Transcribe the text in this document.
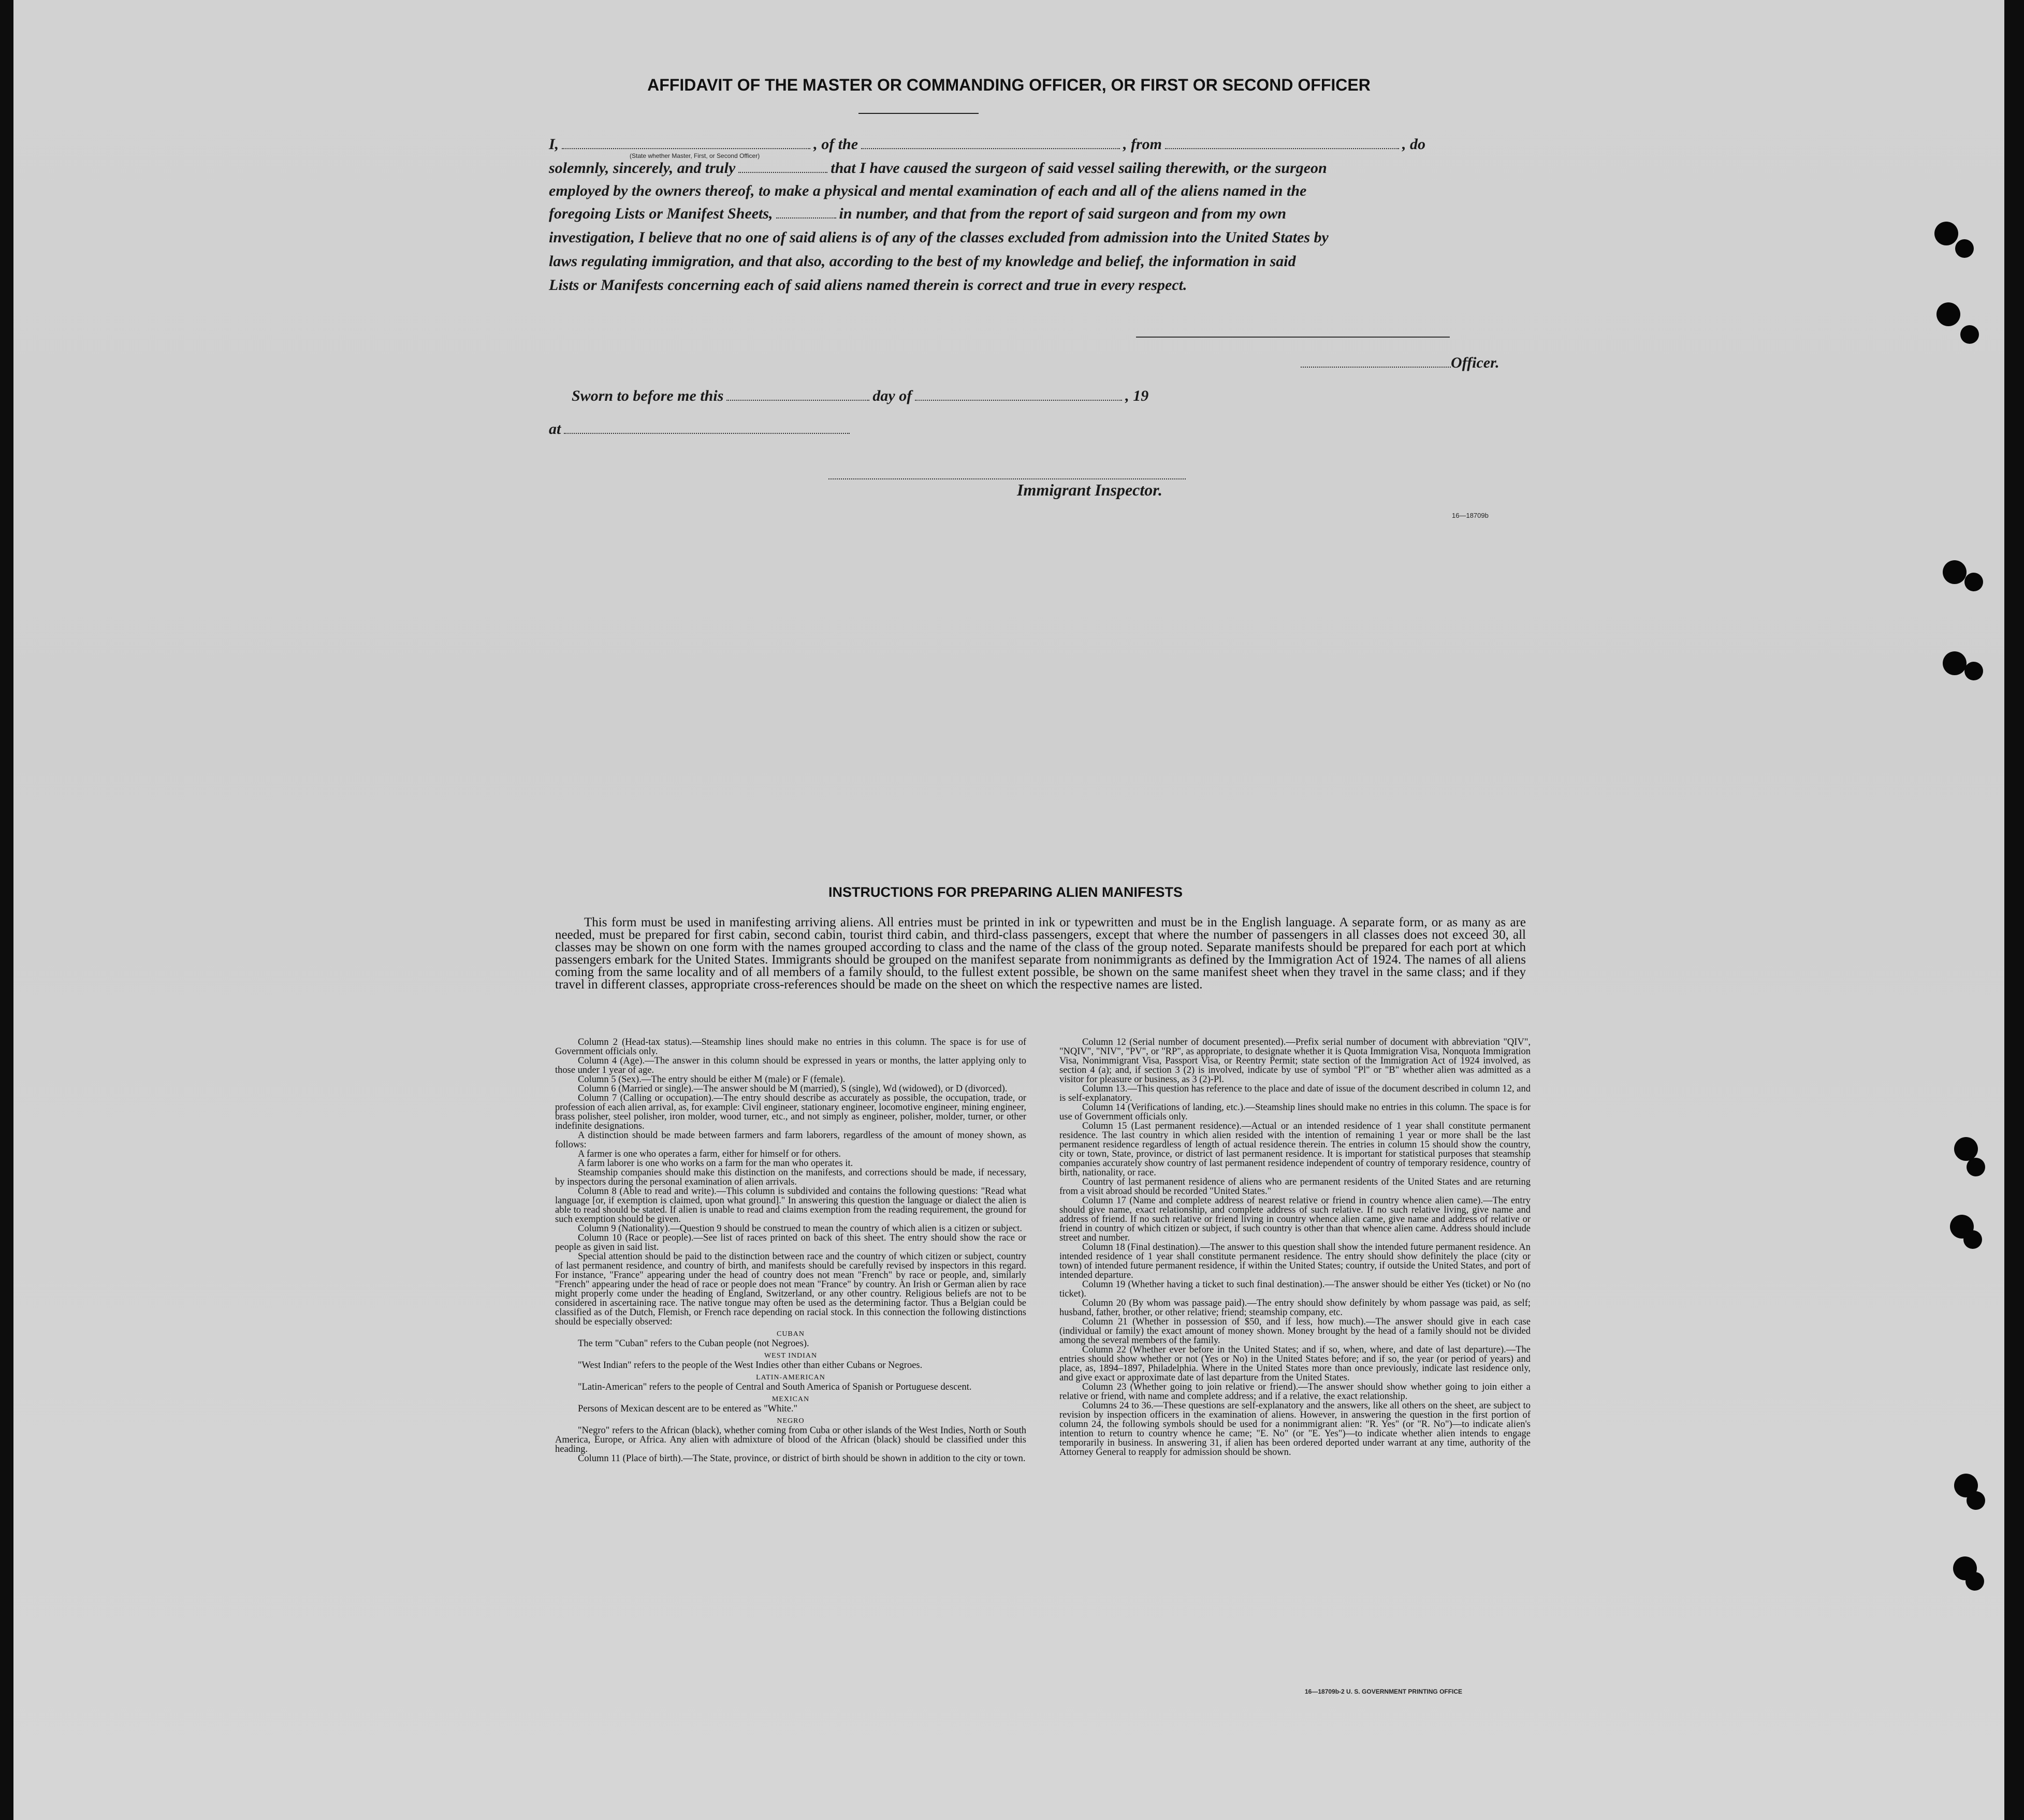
AFFIDAVIT OF THE MASTER OR COMMANDING OFFICER, OR FIRST OR SECOND OFFICER
I,	, of the	, from	, do
(State whether Master, First, or Second Officer)
solemnly, sincerely, and truly	that I have caused the surgeon of said vessel sailing therewith, or the surgeon
employed by the owners thereof, to make a physical and mental examination of each and all of the aliens named in the
foregoing Lists or Manifest Sheets,	in number, and that from the report of said surgeon and from my own
investigation, I believe that no one of said aliens is of any of the classes excluded from admission into the United States by
laws regulating immigration, and that also, according to the best of my knowledge and belief, the information in said
Lists or Manifests concerning each of said aliens named therein is correct and true in every respect.
Officer.
Sworn to before me this	day of	, 19
at
Immigrant Inspector.
16—18709b
INSTRUCTIONS FOR PREPARING ALIEN MANIFESTS
This form must be used in manifesting arriving aliens. All entries must be printed in ink or typewritten and must be in the English language. A separate form, or as many as are needed, must be prepared for first cabin, second cabin, tourist third cabin, and third-class passengers, except that where the number of passengers in all classes does not exceed 30, all classes may be shown on one form with the names grouped according to class and the name of the class of the group noted. Separate manifests should be prepared for each port at which passengers embark for the United States. Immigrants should be grouped on the manifest separate from nonimmigrants as defined by the Immigration Act of 1924. The names of all aliens coming from the same locality and of all members of a family should, to the fullest extent possible, be shown on the same manifest sheet when they travel in the same class; and if they travel in different classes, appropriate cross-references should be made on the sheet on which the respective names are listed.

Column 2 (Head-tax status).—Steamship lines should make no entries in this column. The space is for use of Government officials only.

Column 4 (Age).—The answer in this column should be expressed in years or months, the latter applying only to those under 1 year of age.

Column 5 (Sex).—The entry should be either M (male) or F (female).

Column 6 (Married or single).—The answer should be M (married), S (single), Wd (widowed), or D (divorced).

Column 7 (Calling or occupation).—The entry should describe as accurately as possible, the occupation, trade, or profession of each alien arrival, as, for example: Civil engineer, stationary engineer, locomotive engineer, mining engineer, brass polisher, steel polisher, iron molder, wood turner, etc., and not simply as engineer, polisher, molder, turner, or other indefinite designations.

A distinction should be made between farmers and farm laborers, regardless of the amount of money shown, as follows:

A farmer is one who operates a farm, either for himself or for others.

A farm laborer is one who works on a farm for the man who operates it.

Steamship companies should make this distinction on the manifests, and corrections should be made, if necessary, by inspectors during the personal examination of alien arrivals.

Column 8 (Able to read and write).—This column is subdivided and contains the following questions: "Read what language [or, if exemption is claimed, upon what ground]." In answering this question the language or dialect the alien is able to read should be stated. If alien is unable to read and claims exemption from the reading requirement, the ground for such exemption should be given.

Column 9 (Nationality).—Question 9 should be construed to mean the country of which alien is a citizen or subject.

Column 10 (Race or people).—See list of races printed on back of this sheet. The entry should show the race or people as given in said list.

Special attention should be paid to the distinction between race and the country of which citizen or subject, country of last permanent residence, and country of birth, and manifests should be carefully revised by inspectors in this regard. For instance, "France" appearing under the head of country does not mean "French" by race or people, and, similarly "French" appearing under the head of race or people does not mean "France" by country. An Irish or German alien by race might properly come under the heading of England, Switzerland, or any other country. Religious beliefs are not to be considered in ascertaining race. The native tongue may often be used as the determining factor. Thus a Belgian could be classified as of the Dutch, Flemish, or French race depending on racial stock. In this connection the following distinctions should be especially observed:

CUBAN

The term "Cuban" refers to the Cuban people (not Negroes).

WEST INDIAN

"West Indian" refers to the people of the West Indies other than either Cubans or Negroes.

LATIN-AMERICAN

"Latin-American" refers to the people of Central and South America of Spanish or Portuguese descent.

MEXICAN

Persons of Mexican descent are to be entered as "White."

NEGRO

"Negro" refers to the African (black), whether coming from Cuba or other islands of the West Indies, North or South America, Europe, or Africa. Any alien with admixture of blood of the African (black) should be classified under this heading.

Column 11 (Place of birth).—The State, province, or district of birth should be shown in addition to the city or town.

Column 12 (Serial number of document presented).—Prefix serial number of document with abbreviation "QIV", "NQIV", "NIV", "PV", or "RP", as appropriate, to designate whether it is Quota Immigration Visa, Nonquota Immigration Visa, Nonimmigrant Visa, Passport Visa, or Reentry Permit; state section of the Immigration Act of 1924 involved, as section 4 (a); and, if section 3 (2) is involved, indicate by use of symbol "Pl" or "B" whether alien was admitted as a visitor for pleasure or business, as 3 (2)-Pl.

Column 13.—This question has reference to the place and date of issue of the document described in column 12, and is self-explanatory.

Column 14 (Verifications of landing, etc.).—Steamship lines should make no entries in this column. The space is for use of Government officials only.

Column 15 (Last permanent residence).—Actual or an intended residence of 1 year shall constitute permanent residence. The last country in which alien resided with the intention of remaining 1 year or more shall be the last permanent residence regardless of length of actual residence therein. The entries in column 15 should show the country, city or town, State, province, or district of last permanent residence. It is important for statistical purposes that steamship companies accurately show country of last permanent residence independent of country of temporary residence, country of birth, nationality, or race.

Country of last permanent residence of aliens who are permanent residents of the United States and are returning from a visit abroad should be recorded "United States."

Column 17 (Name and complete address of nearest relative or friend in country whence alien came).—The entry should give name, exact relationship, and complete address of such relative. If no such relative living, give name and address of friend. If no such relative or friend living in country whence alien came, give name and address of relative or friend in country of which citizen or subject, if such country is other than that whence alien came. Address should include street and number.

Column 18 (Final destination).—The answer to this question shall show the intended future permanent residence. An intended residence of 1 year shall constitute permanent residence. The entry should show definitely the place (city or town) of intended future permanent residence, if within the United States; country, if outside the United States, and port of intended departure.

Column 19 (Whether having a ticket to such final destination).—The answer should be either Yes (ticket) or No (no ticket).

Column 20 (By whom was passage paid).—The entry should show definitely by whom passage was paid, as self; husband, father, brother, or other relative; friend; steamship company, etc.

Column 21 (Whether in possession of $50, and if less, how much).—The answer should give in each case (individual or family) the exact amount of money shown. Money brought by the head of a family should not be divided among the several members of the family.

Column 22 (Whether ever before in the United States; and if so, when, where, and date of last departure).—The entries should show whether or not (Yes or No) in the United States before; and if so, the year (or period of years) and place, as, 1894–1897, Philadelphia. Where in the United States more than once previously, indicate last residence only, and give exact or approximate date of last departure from the United States.

Column 23 (Whether going to join relative or friend).—The answer should show whether going to join either a relative or friend, with name and complete address; and if a relative, the exact relationship.

Columns 24 to 36.—These questions are self-explanatory and the answers, like all others on the sheet, are subject to revision by inspection officers in the examination of aliens. However, in answering the question in the first portion of column 24, the following symbols should be used for a nonimmigrant alien: "R. Yes" (or "R. No")—to indicate alien's intention to return to country whence he came; "E. No" (or "E. Yes")—to indicate whether alien intends to engage temporarily in business. In answering 31, if alien has been ordered deported under warrant at any time, authority of the Attorney General to reapply for admission should be shown.

16—18709b-2 U. S. GOVERNMENT PRINTING OFFICE
